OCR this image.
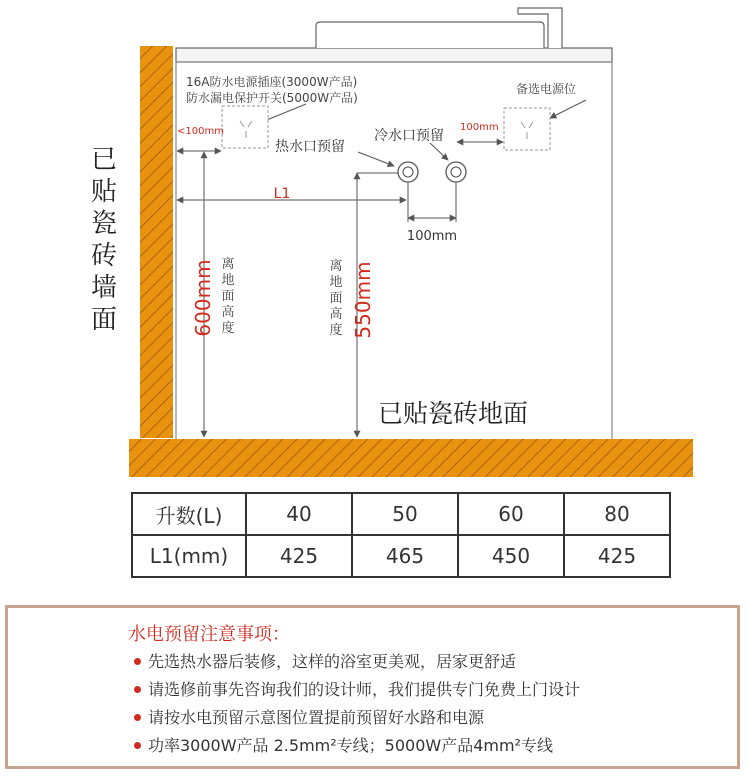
已
贴
瓷
砖
墙
面
已贴瓷砖地面
16A防水电源插座(3000W产品)
防水漏电保护开关(5000W产品)
<100mm
备选电源位
100mm
热水口预留
冷水口预留
100mm
L1
600mm 离
地
面
高
度	550mm
离
地
面
高
度
升数(L)	40	50	60	80
L1(mm)	425	465	450	425
水电预留注意事项：
先选热水器后装修，这样的浴室更美观，居家更舒适
请选修前事先咨询我们的设计师，我们提供专门免费上门设计
请按水电预留示意图位置提前预留好水路和电源
功率3000W产品 2.5mm²专线；5000W产品4mm²专线
